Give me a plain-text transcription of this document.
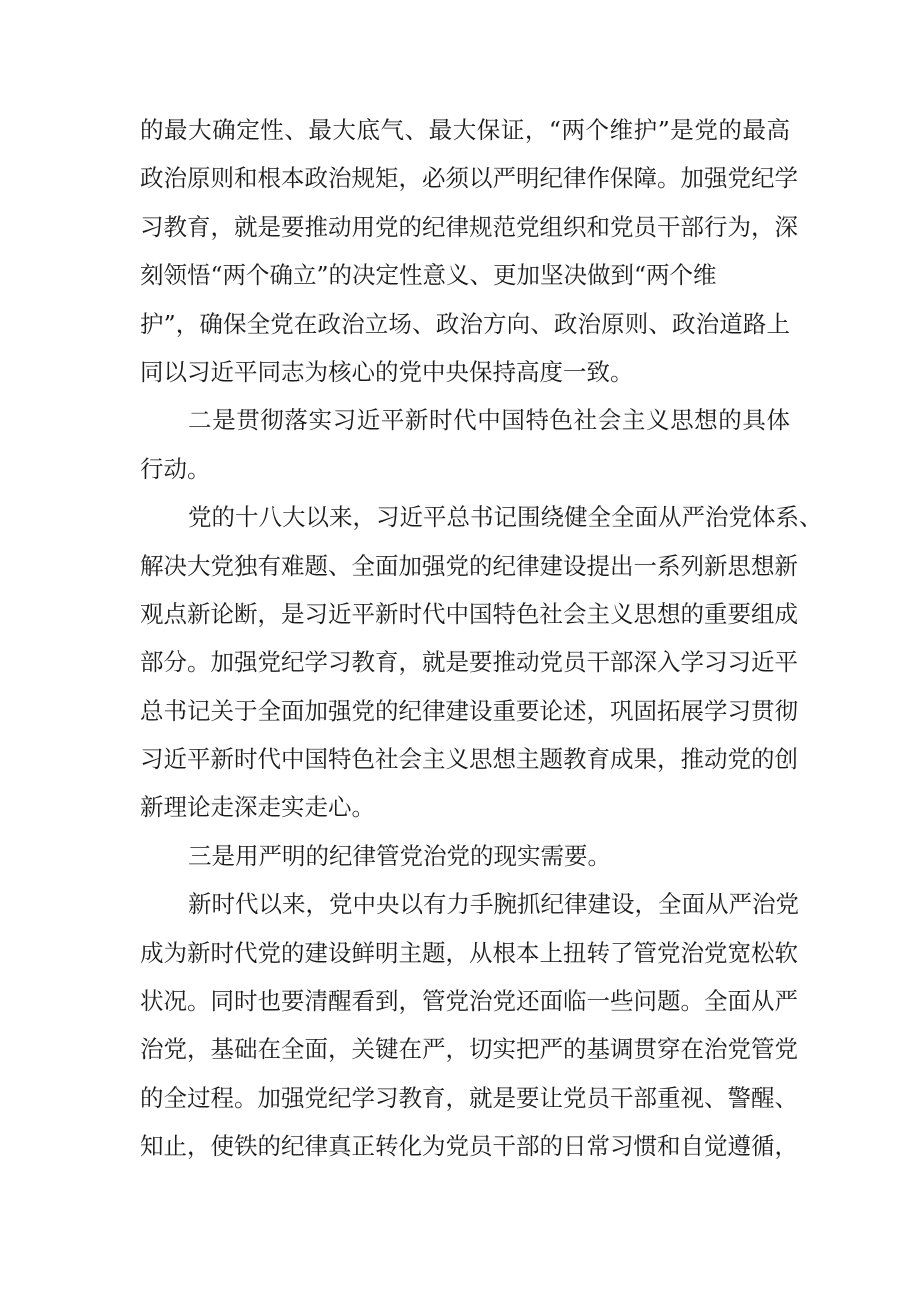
的最大确定性、最大底气、最大保证，“两个维护”是党的最高
政治原则和根本政治规矩，必须以严明纪律作保障。加强党纪学
习教育，就是要推动用党的纪律规范党组织和党员干部行为，深
刻领悟“两个确立”的决定性意义、更加坚决做到“两个维
护”，确保全党在政治立场、政治方向、政治原则、政治道路上
同以习近平同志为核心的党中央保持高度一致。
二是贯彻落实习近平新时代中国特色社会主义思想的具体
行动。
党的十八大以来，习近平总书记围绕健全全面从严治党体系、
解决大党独有难题、全面加强党的纪律建设提出一系列新思想新
观点新论断，是习近平新时代中国特色社会主义思想的重要组成
部分。加强党纪学习教育，就是要推动党员干部深入学习习近平
总书记关于全面加强党的纪律建设重要论述，巩固拓展学习贯彻
习近平新时代中国特色社会主义思想主题教育成果，推动党的创
新理论走深走实走心。
三是用严明的纪律管党治党的现实需要。
新时代以来，党中央以有力手腕抓纪律建设，全面从严治党
成为新时代党的建设鲜明主题，从根本上扭转了管党治党宽松软
状况。同时也要清醒看到，管党治党还面临一些问题。全面从严
治党，基础在全面，关键在严，切实把严的基调贯穿在治党管党
的全过程。加强党纪学习教育，就是要让党员干部重视、警醒、
知止，使铁的纪律真正转化为党员干部的日常习惯和自觉遵循，
